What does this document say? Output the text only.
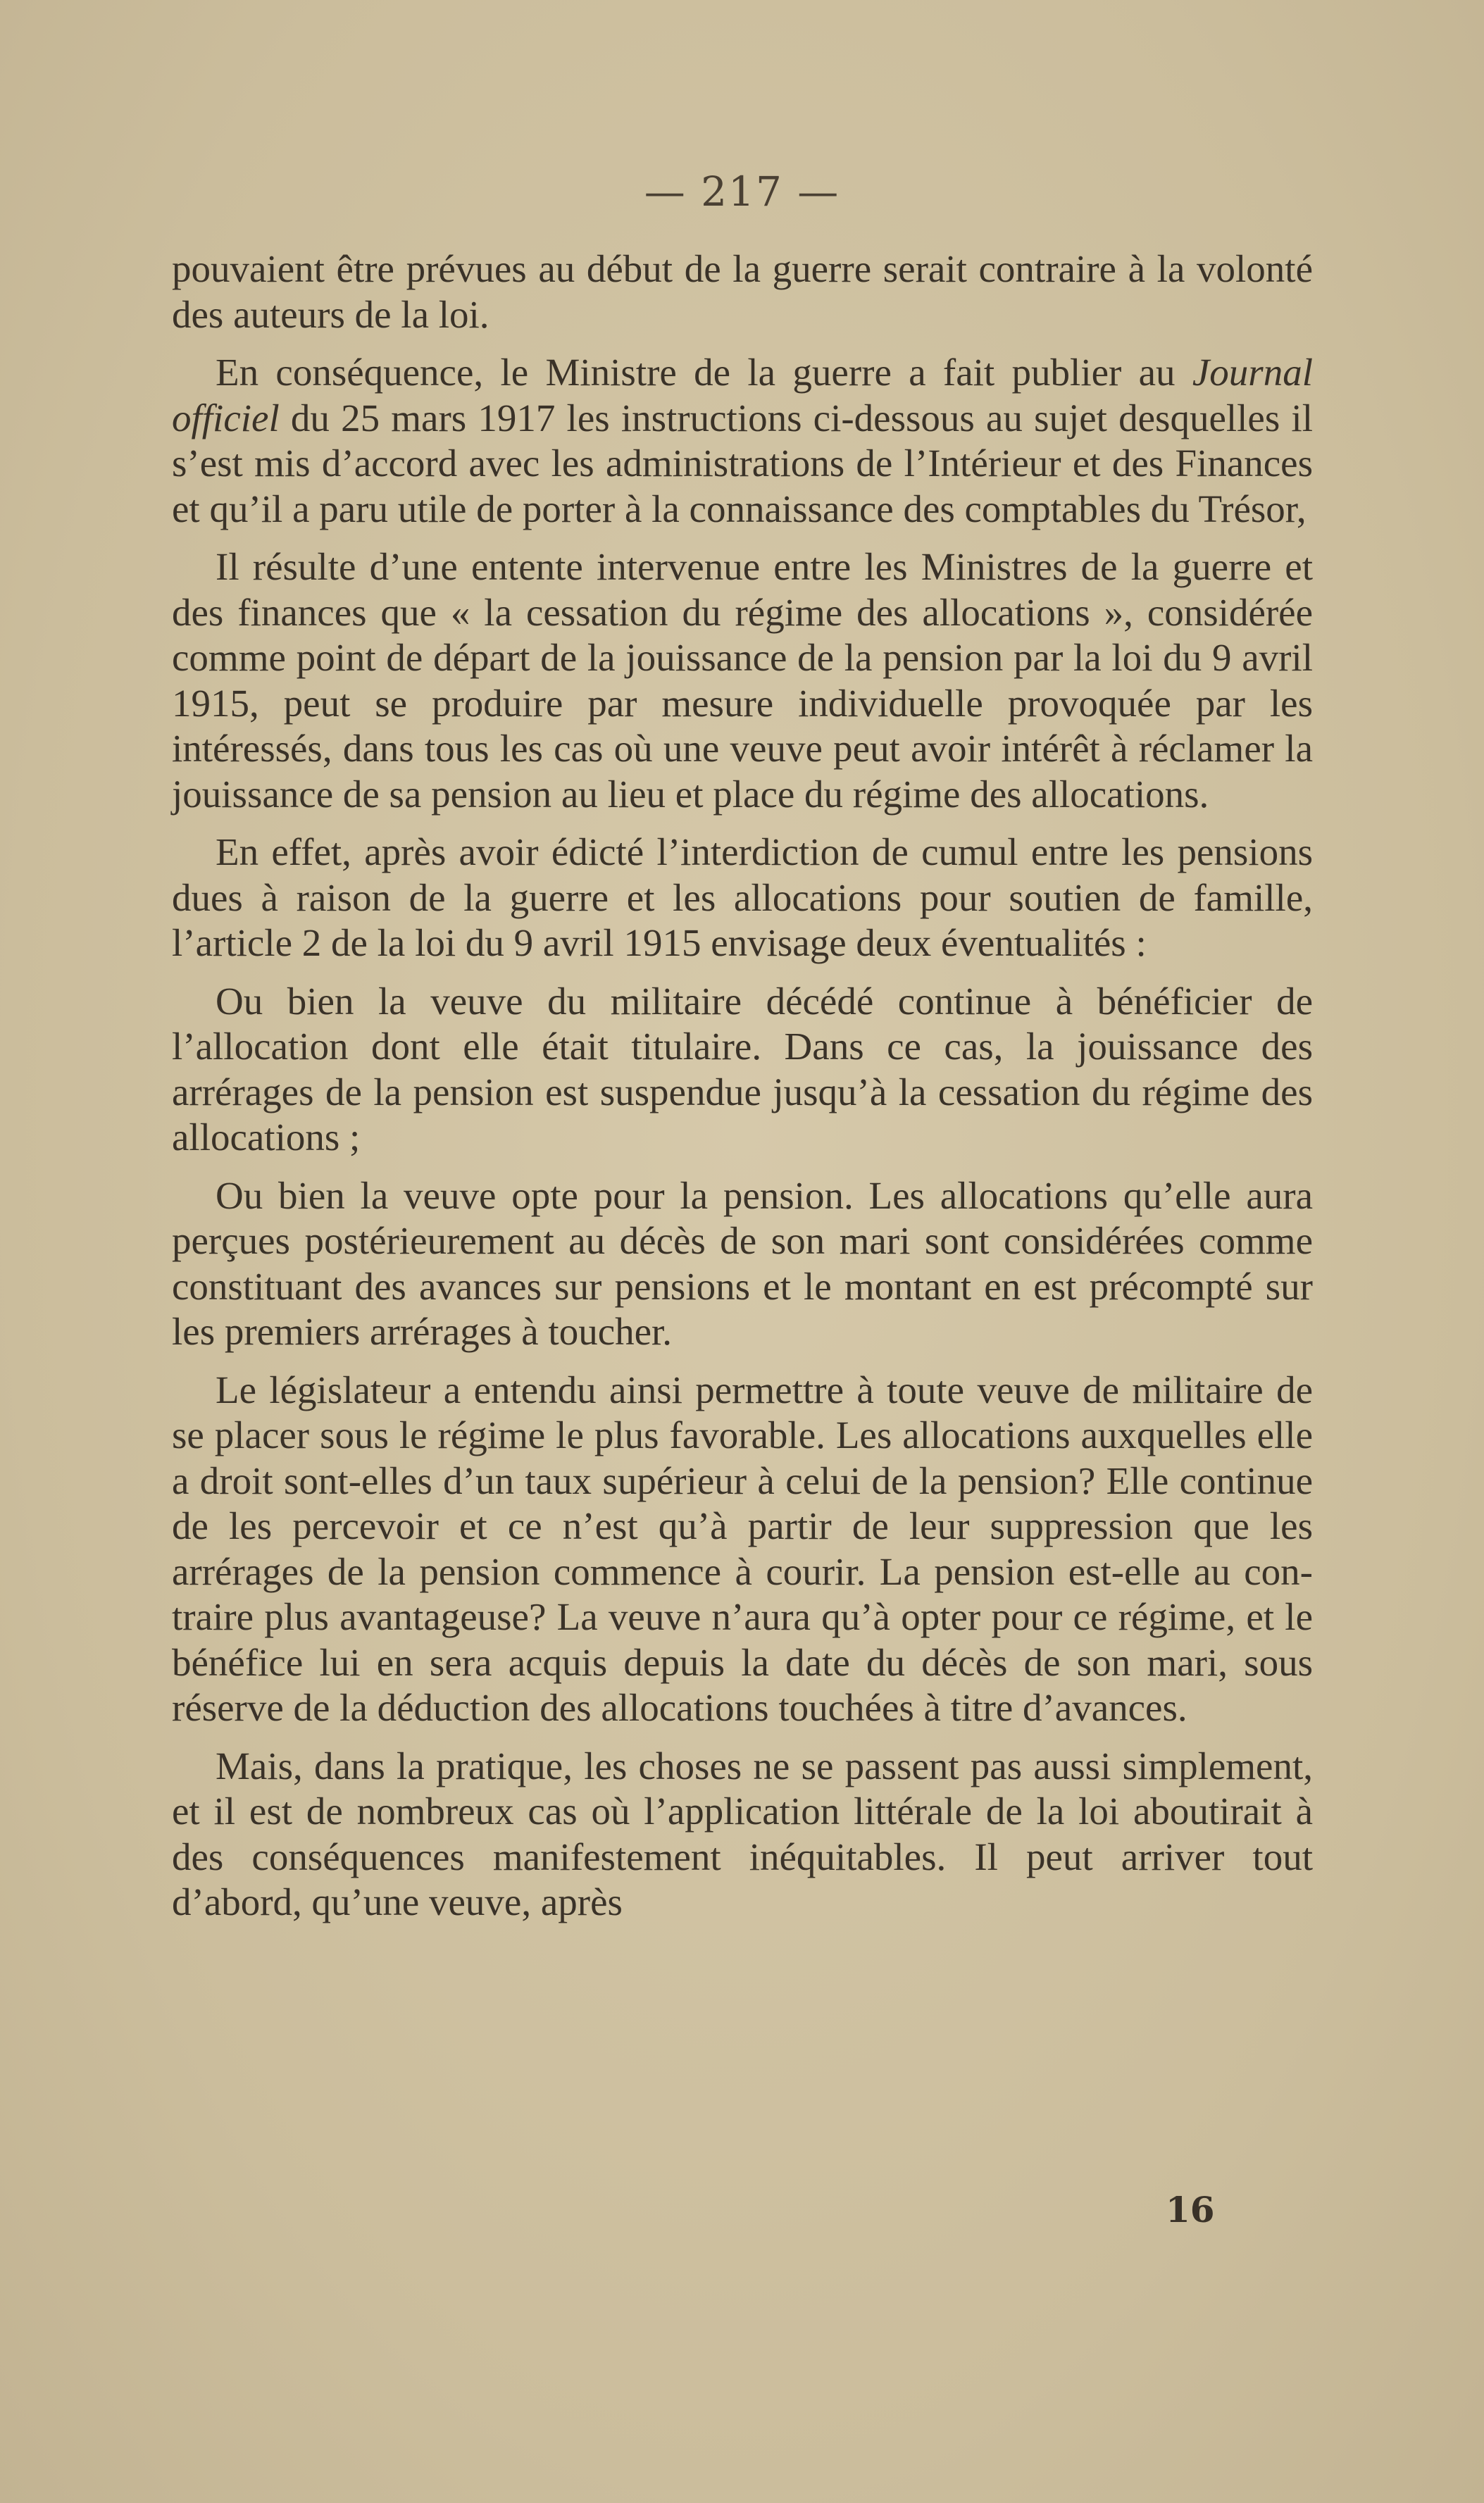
— 217 —

pouvaient être prévues au début de la guerre serait contraire à la volonté des auteurs de la loi.

En conséquence, le Ministre de la guerre a fait publier au Journal officiel du 25 mars 1917 les instructions ci-dessous au sujet desquelles il s’est mis d’accord avec les administrations de l’Intérieur et des Finances et qu’il a paru utile de porter à la connaissance des comptables du Trésor,

Il résulte d’une entente intervenue entre les Ministres de la guerre et des finances que « la cessation du régime des allocations », considérée comme point de départ de la jouissance de la pension par la loi du 9 avril 1915, peut se produire par mesure individuelle provoquée par les intéressés, dans tous les cas où une veuve peut avoir intérêt à réclamer la jouissance de sa pension au lieu et place du régime des allocations.

En effet, après avoir édicté l’interdiction de cumul entre les pensions dues à raison de la guerre et les allocations pour soutien de famille, l’article 2 de la loi du 9 avril 1915 envisage deux éventualités :

Ou bien la veuve du militaire décédé continue à bénéficier de l’allocation dont elle était titulaire. Dans ce cas, la jouissance des arrérages de la pension est suspendue jusqu’à la cessation du régime des allocations ;

Ou bien la veuve opte pour la pension. Les allocations qu’elle aura perçues postérieurement au décès de son mari sont considérées comme constituant des avances sur pensions et le montant en est précompté sur les premiers arrérages à toucher.

Le législateur a entendu ainsi permettre à toute veuve de militaire de se placer sous le régime le plus favorable. Les allocations auxquelles elle a droit sont-elles d’un taux supérieur à celui de la pension? Elle continue de les percevoir et ce n’est qu’à partir de leur suppression que les arrérages de la pension commence à courir. La pension est-elle au contraire plus avantageuse? La veuve n’aura qu’à opter pour ce régime, et le bénéfice lui en sera acquis depuis la date du décès de son mari, sous réserve de la déduction des allocations touchées à titre d’avances.

Mais, dans la pratique, les choses ne se passent pas aussi simplement, et il est de nombreux cas où l’application littérale de la loi aboutirait à des conséquences manifestement inéquitables. Il peut arriver tout d’abord, qu’une veuve, après

16
